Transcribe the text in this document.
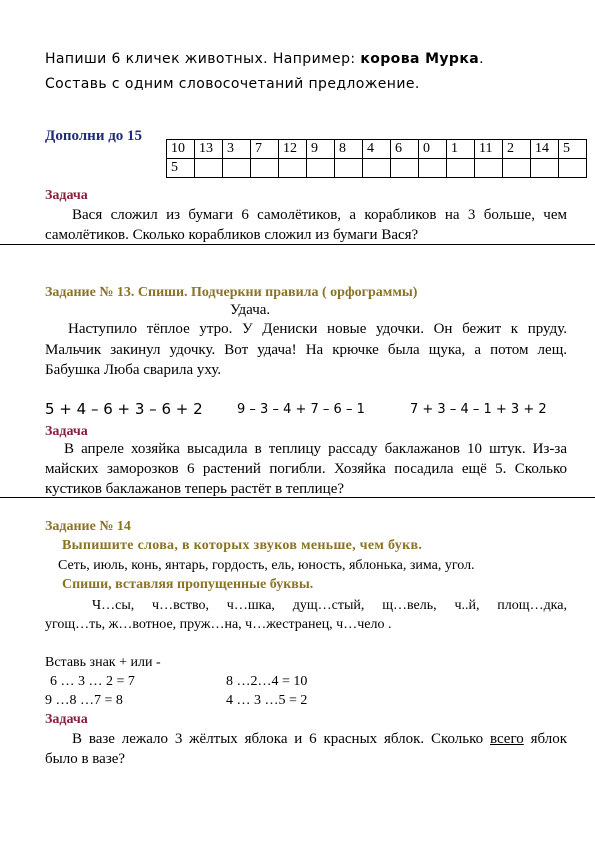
Напиши 6 кличек животных. Например: корова Мурка.
Составь с одним словосочетаний предложение.
Дополни до 15
10	13	3	7	12	9	8	4	6	0	1	11	2	14	5
5														
Задача
Вася сложил из бумаги 6 самолётиков, а корабликов на 3 больше, чем
самолётиков. Сколько корабликов сложил из бумаги Вася?
Задание № 13. Спиши. Подчеркни правила ( орфограммы)
Удача.
Наступило тёплое утро. У Дениски новые удочки. Он бежит к пруду.
Мальчик закинул удочку. Вот удача! На крючке была щука, а потом лещ.
Бабушка Люба сварила уху.
5 + 4 – 6 + 3 – 6 + 2	9 – 3 – 4 + 7 – 6 – 1	7 + 3 – 4 – 1 + 3 + 2
Задача
В апреле хозяйка высадила в теплицу рассаду баклажанов 10 штук. Из-за
майских заморозков 6 растений погибли. Хозяйка посадила ещё 5. Сколько
кустиков баклажанов теперь растёт в теплице?
Задание № 14
Выпишите слова, в которых звуков меньше, чем букв.
Сеть, июль, конь, янтарь, гордость, ель, юность, яблонька, зима, угол.
Спиши, вставляя пропущенные буквы.
Ч…сы, ч…вство, ч…шка, дущ…стый, щ…вель, ч..й, площ…дка,
угощ…ть, ж…вотное, пруж…на, ч…жестранец, ч…чело .
Вставь знак + или -
6 … 3 … 2 = 7	8 …2…4 = 10
9 …8 …7 = 8	4 … 3 …5 = 2
Задача
В вазе лежало 3 жёлтых яблока и 6 красных яблок. Сколько всего яблок
было в вазе?
